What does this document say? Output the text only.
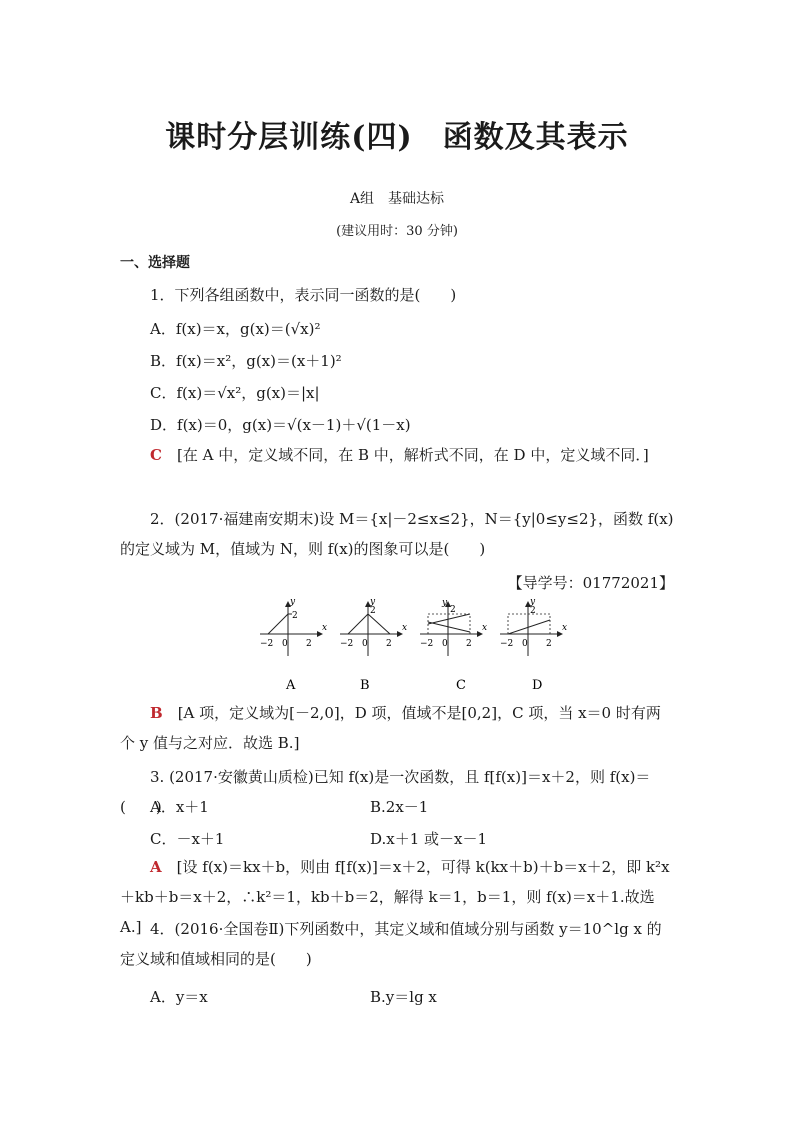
课时分层训练(四) 函数及其表示
A组　基础达标
(建议用时：30 分钟)
一、选择题
1．下列各组函数中，表示同一函数的是(　　)
A．f(x)＝x，g(x)＝(√x)²
B．f(x)＝x²，g(x)＝(x＋1)²
C．f(x)＝√x²，g(x)＝|x|
D．f(x)＝0，g(x)＝√(x－1)＋√(1－x)
C　 [在 A 中，定义域不同，在 B 中，解析式不同，在 D 中，定义域不同．]
2．(2017·福建南安期末)设 M＝{x|－2≤x≤2}，N＝{y|0≤y≤2}，函数 f(x)的定义域为 M，值域为 N，则 f(x)的图象可以是(　　)
【导学号：01772021】
y
2
x
−2 0 2
A
y
2
x
−2 0 2
B
y
2
x
−2 0 2
C
y
2
x
−2 0 2
D
B　 [A 项，定义域为[－2,0]，D 项，值域不是[0,2]，C 项，当 x＝0 时有两个 y 值与之对应．故选 B.]
3. (2017·安徽黄山质检)已知 f(x)是一次函数，且 f[f(x)]＝x＋2，则 f(x)＝(　　)
A．x＋1	B.2x－1
C．－x＋1	D.x＋1 或－x－1
A　 [设 f(x)＝kx＋b，则由 f[f(x)]＝x＋2，可得 k(kx＋b)＋b＝x＋2，即 k²x＋kb＋b＝x＋2，∴k²＝1，kb＋b＝2，解得 k＝1，b＝1，则 f(x)＝x＋1.故选 A.] 4．(2016·全国卷Ⅱ)下列函数中，其定义域和值域分别与函数 y＝10^lg x 的定义域和值域相同的是(　　)
A．y＝x	B.y＝lg x
